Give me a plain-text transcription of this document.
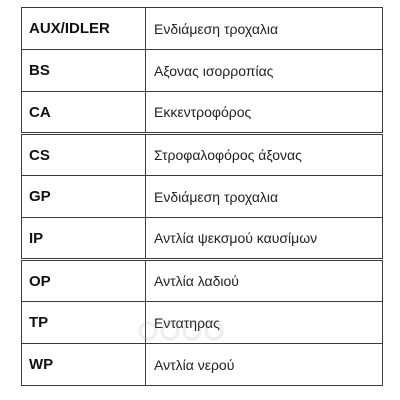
AUX/IDLER	Ενδιάμεση τροχαλια
BS	Αξονας ισορροπίας
CA	Εκκεντροφόρος
CS	Στροφαλοφόρος άξονας
GP	Ενδιάμεση τροχαλια
IP	Αντλία ψεκσμού καυσίμων
OP	Αντλία λαδιού
TP	Εντατηρας
WP	Αντλία νερού
